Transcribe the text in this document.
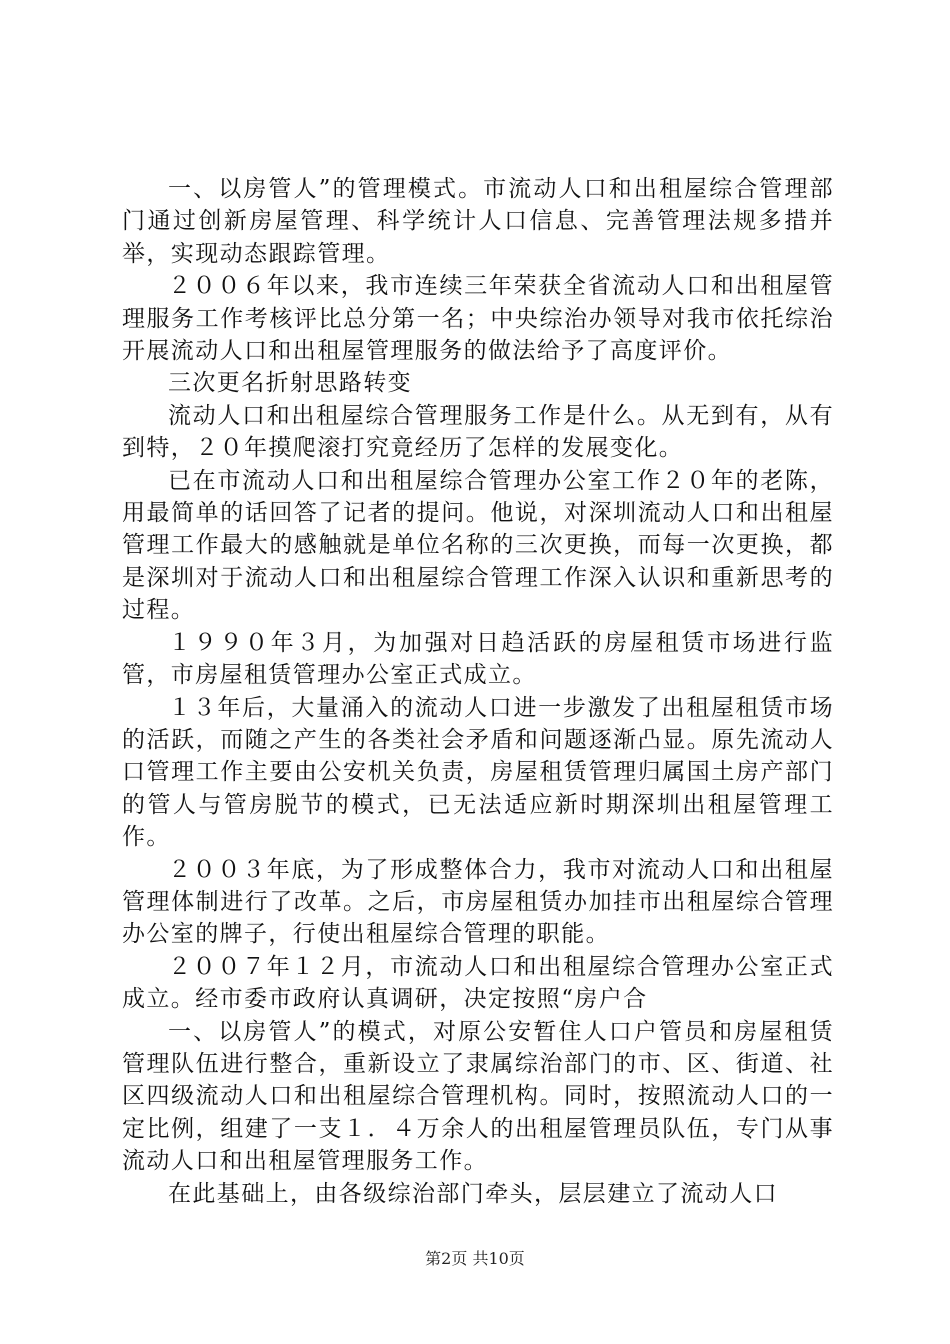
一、以房管人”的管理模式。市流动人口和出租屋综合管理部门通过创新房屋管理、科学统计人口信息、完善管理法规多措并举，实现动态跟踪管理。

２００６年以来，我市连续三年荣获全省流动人口和出租屋管理服务工作考核评比总分第一名；中央综治办领导对我市依托综治开展流动人口和出租屋管理服务的做法给予了高度评价。

三次更名折射思路转变

流动人口和出租屋综合管理服务工作是什么。从无到有，从有到特，２０年摸爬滚打究竟经历了怎样的发展变化。

已在市流动人口和出租屋综合管理办公室工作２０年的老陈，用最简单的话回答了记者的提问。他说，对深圳流动人口和出租屋管理工作最大的感触就是单位名称的三次更换，而每一次更换，都是深圳对于流动人口和出租屋综合管理工作深入认识和重新思考的过程。

１９９０年３月，为加强对日趋活跃的房屋租赁市场进行监管，市房屋租赁管理办公室正式成立。

１３年后，大量涌入的流动人口进一步激发了出租屋租赁市场的活跃，而随之产生的各类社会矛盾和问题逐渐凸显。原先流动人口管理工作主要由公安机关负责，房屋租赁管理归属国土房产部门的管人与管房脱节的模式，已无法适应新时期深圳出租屋管理工作。

２００３年底，为了形成整体合力，我市对流动人口和出租屋管理体制进行了改革。之后，市房屋租赁办加挂市出租屋综合管理办公室的牌子，行使出租屋综合管理的职能。

２００７年１２月，市流动人口和出租屋综合管理办公室正式成立。经市委市政府认真调研，决定按照“房户合

一、以房管人”的模式，对原公安暂住人口户管员和房屋租赁管理队伍进行整合，重新设立了隶属综治部门的市、区、街道、社区四级流动人口和出租屋综合管理机构。同时，按照流动人口的一定比例，组建了一支１．４万余人的出租屋管理员队伍，专门从事流动人口和出租屋管理服务工作。

在此基础上，由各级综治部门牵头，层层建立了流动人口

第2页 共10页
